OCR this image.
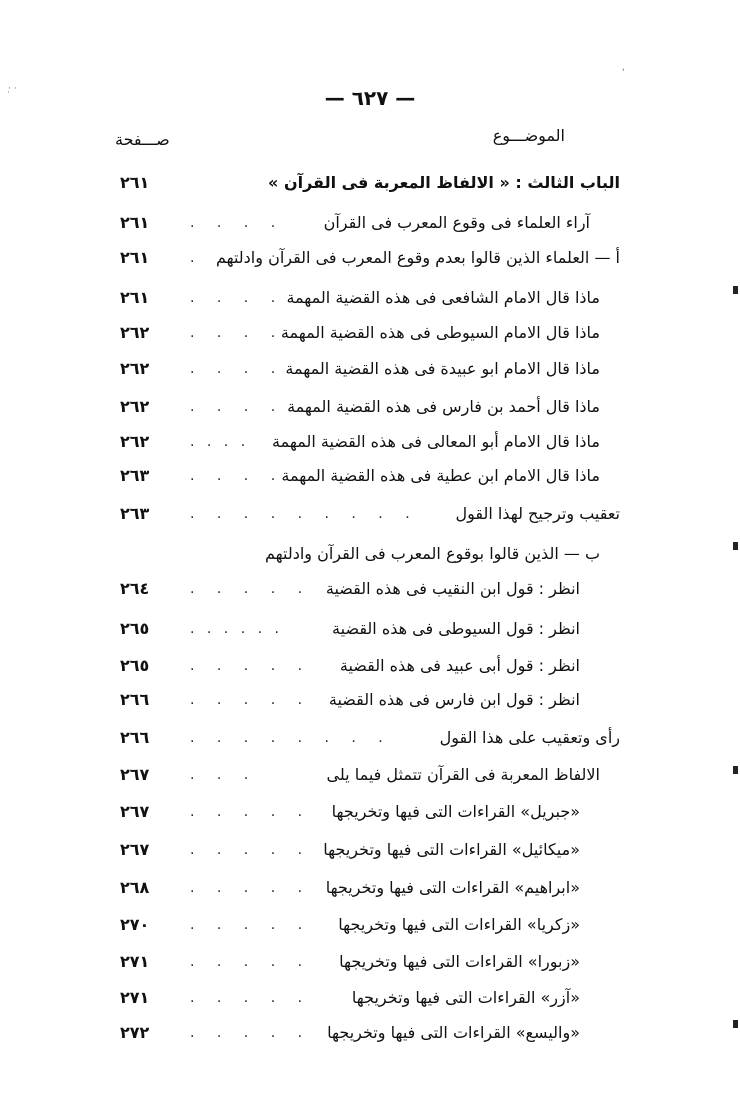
— ٦٢٧ —
صـــفحة	الموضـــوع
الباب الثالث : « الالفاظ المعربة فى القرآن »
٢٦١
آراء العلماء فى وقوع المعرب فى القرآن
. . . .
٢٦١
أ — العلماء الذين قالوا بعدم وقوع المعرب فى القرآن وادلتهم
.
٢٦١
ماذا قال الامام الشافعى فى هذه القضية المهمة
. . . .
٢٦١
ماذا قال الامام السيوطى فى هذه القضية المهمة
. . . .
٢٦٢
ماذا قال الامام ابو عبيدة فى هذه القضية المهمة
. . . .
٢٦٢
ماذا قال أحمد بن فارس فى هذه القضية المهمة
. . . .
٢٦٢
ماذا قال الامام أبو المعالى فى هذه القضية المهمة
. . . .
٢٦٢
ماذا قال الامام ابن عطية فى هذه القضية المهمة
. . . .
٢٦٣
تعقيب وترجيح لهذا القول
. . . . . . . . .
٢٦٣
ب — الذين قالوا بوقوع المعرب فى القرآن وادلتهم
انظر : قول ابن النقيب فى هذه القضية
. . . . .
٢٦٤
انظر : قول السيوطى فى هذه القضية
. . . . . .
٢٦٥
انظر : قول أبى عبيد فى هذه القضية
. . . . .
٢٦٥
انظر : قول ابن فارس فى هذه القضية
. . . . .
٢٦٦
رأى وتعقيب على هذا القول
. . . . . . . .
٢٦٦
الالفاظ المعربة فى القرآن تتمثل فيما يلى
. . .
٢٦٧
«جبريل» القراءات التى فيها وتخريجها
. . . . .
٢٦٧
«ميكائيل» القراءات التى فيها وتخريجها
. . . . .
٢٦٧
«ابراهيم» القراءات التى فيها وتخريجها
. . . . .
٢٦٨
«زكريا» القراءات التى فيها وتخريجها
. . . . .
٢٧٠
«زبورا» القراءات التى فيها وتخريجها
. . . . .
٢٧١
«آزر» القراءات التى فيها وتخريجها
. . . . .
٢٧١
«واليسع» القراءات التى فيها وتخريجها
. . . . .
٢٧٢
·̣ ·
'
